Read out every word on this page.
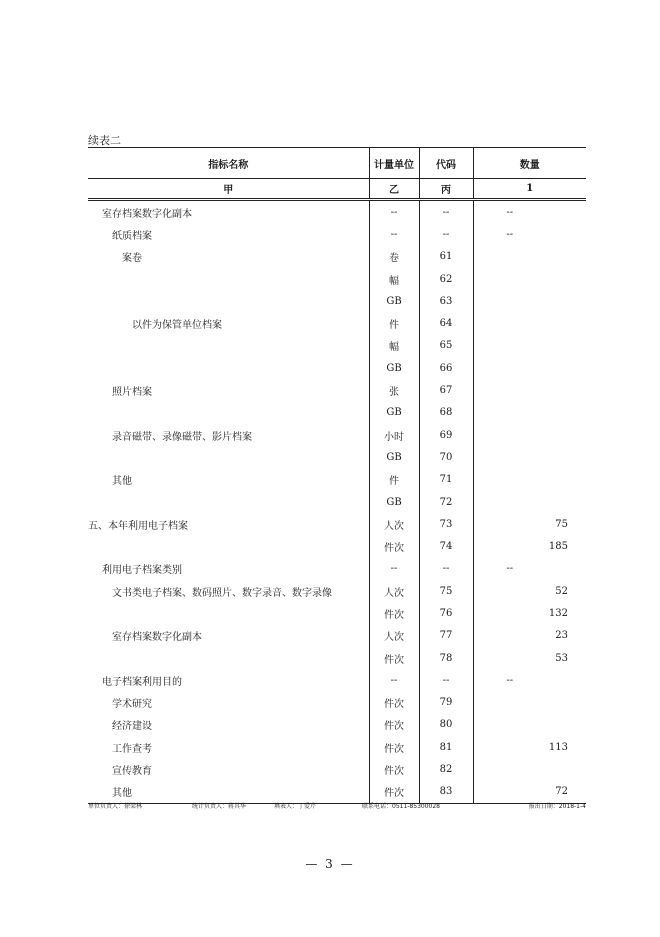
续表二
指标名称	计量单位	代码	数量
甲	乙	丙	1
室存档案数字化副本	--	--	--
纸质档案	--	--	--
案卷	卷	61	
	幅	62	
	GB	63	
以件为保管单位档案	件	64	
	幅	65	
	GB	66	
照片档案	张	67	
	GB	68	
录音磁带、录像磁带、影片档案	小时	69	
	GB	70	
其他	件	71	
	GB	72	
五、本年利用电子档案	人次	73	75
	件次	74	185
利用电子档案类别	--	--	--
文书类电子档案、数码照片、数字录音、数字录像	人次	75	52
	件次	76	132
室存档案数字化副本	人次	77	23
	件次	78	53
电子档案利用目的	--	--	--
学术研究	件次	79	
经济建设	件次	80	
工作查考	件次	81	113
宣传教育	件次	82	
其他	件次	83	72
单位负责人：徐梁林	统计负责人：蒋其华	填表人：丁爱芹	联系电话：0511-85300028	报出日期：2018-1-4
— 3 —
